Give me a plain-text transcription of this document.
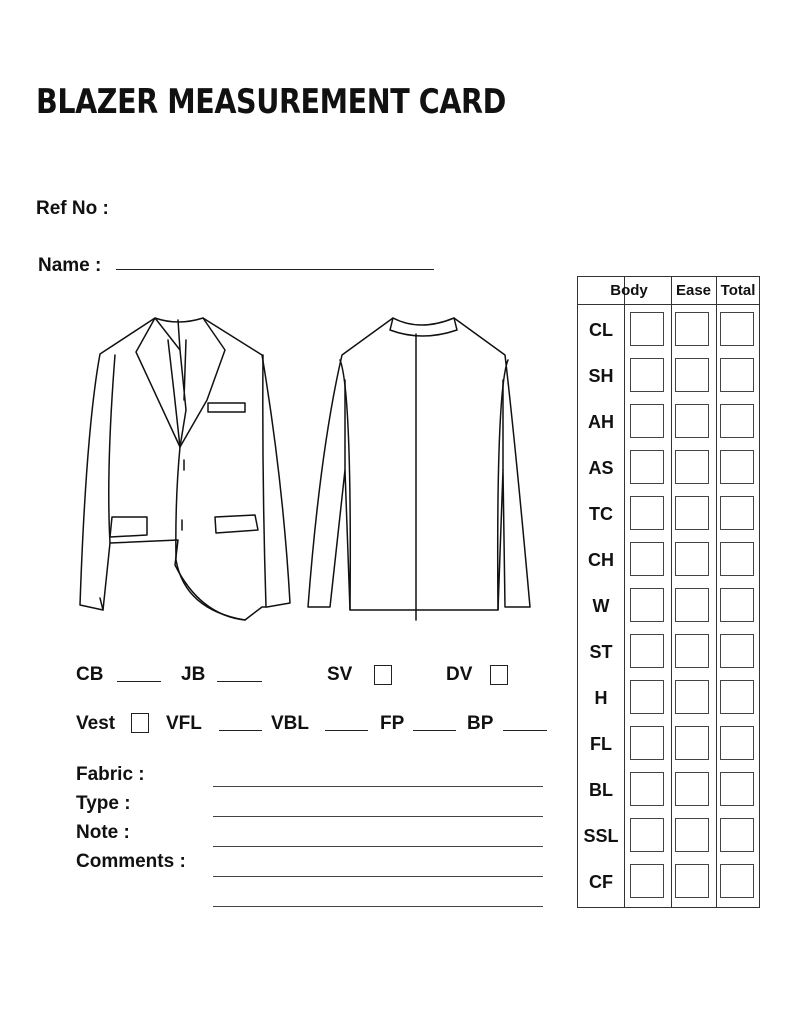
BLAZER MEASUREMENT CARD
Ref No :
Name :
CB	JB	SV	DV
Vest	VFL	VBL	FP	BP
Fabric :
Type :
Note :
Comments :
Body	Ease Total
CL
SH
AH
AS
TC
CH
W
ST
H
FL
BL
SSL
CF
